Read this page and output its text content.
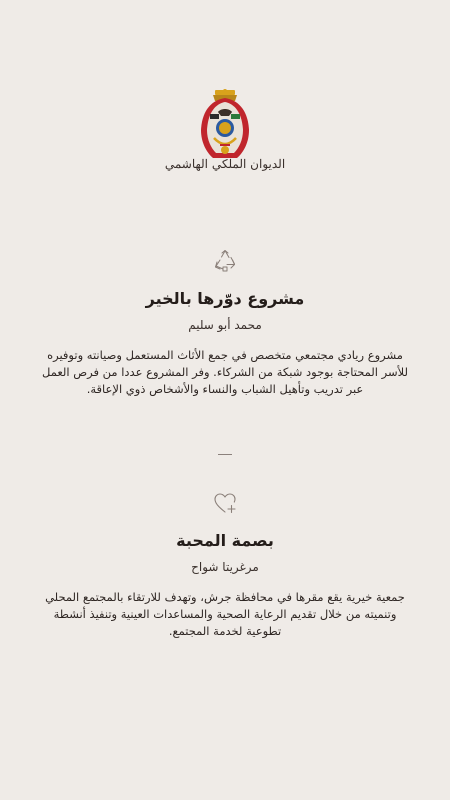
الديوان الملكي الهاشمي
مشروع دوّرها بالخير

محمد أبو سليم

مشروع ريادي مجتمعي متخصص في جمع الأثاث المستعمل وصيانته وتوفيره للأسر المحتاجة بوجود شبكة من الشركاء. وفر المشروع عددا من فرص العمل عبر تدريب وتأهيل الشباب والنساء والأشخاص ذوي الإعاقة.

بصمة المحبة

مرغريتا شواح

جمعية خيرية يقع مقرها في محافظة جرش، وتهدف للارتقاء بالمجتمع المحلي وتنميته من خلال تقديم الرعاية الصحية والمساعدات العينية وتنفيذ أنشطة تطوعية لخدمة المجتمع.
